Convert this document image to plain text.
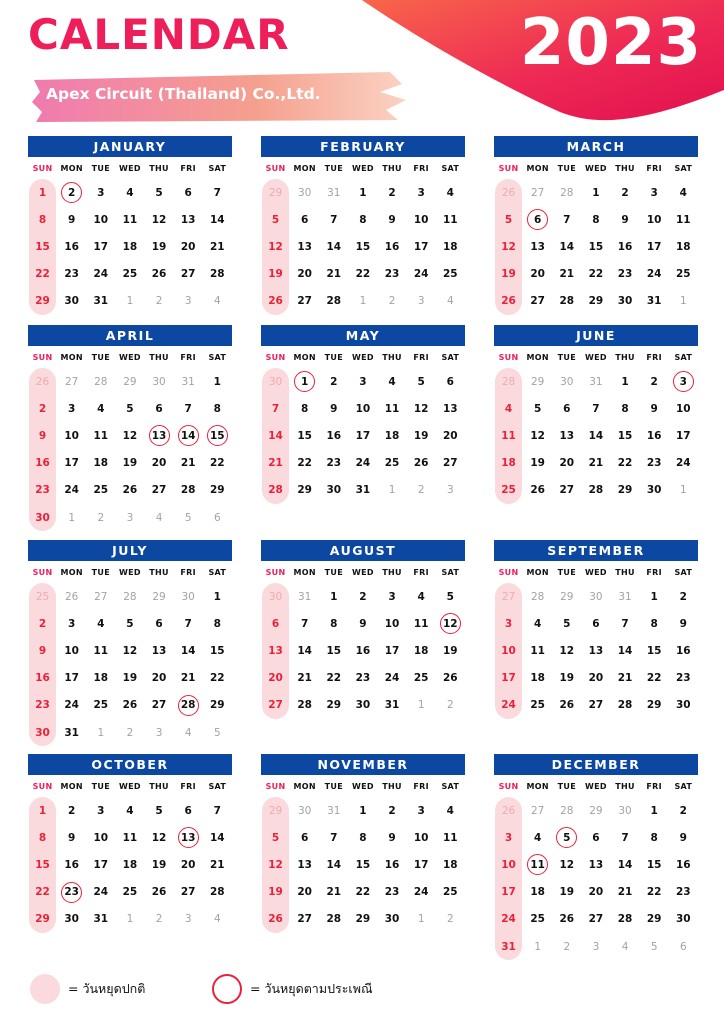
CALENDAR	2023
Apex Circuit (Thailand) Co.,Ltd.
JANUARY
SUN	MON	TUE	WED	THU	FRI	SAT
1	2	3 4 5 6 7
8 9 10 11 12 13 14
15 16 17 18 19 20 21
22 23 24 25 26 27 28
29 30 31 1 2 3 4
FEBRUARY
SUN	MON	TUE	WED	THU	FRI	SAT
29 30 31 1 2 3 4
5 6 7 8 9 10 11
12 13 14 15 16 17 18
19 20 21 22 23 24 25
26 27 28 1 2 3 4
MARCH
SUN	MON	TUE	WED	THU	FRI	SAT
26 27 28 1 2 3 4
5	6	7 8 9 10 11
12 13 14 15 16 17 18
19 20 21 22 23 24 25
26 27 28 29 30 31 1
APRIL
SUN	MON	TUE	WED	THU	FRI	SAT
26 27 28 29 30 31 1
2 3 4 5 6 7 8
9 10 11 12	13	14	15
16 17 18 19 20 21 22
23 24 25 26 27 28 29
30 1 2 3 4 5 6
MAY
SUN	MON	TUE	WED	THU	FRI	SAT
30	1	2 3 4 5 6
7 8 9 10 11 12 13
14 15 16 17 18 19 20
21 22 23 24 25 26 27
28 29 30 31 1 2 3
JUNE
SUN	MON	TUE	WED	THU	FRI	SAT
28 29 30 31 1 2	3
4 5 6 7 8 9 10
11 12 13 14 15 16 17
18 19 20 21 22 23 24
25 26 27 28 29 30 1
JULY
SUN	MON	TUE	WED	THU	FRI	SAT
25 26 27 28 29 30 1
2 3 4 5 6 7 8
9 10 11 12 13 14 15
16 17 18 19 20 21 22
23 24 25 26 27	28	29
30 31 1 2 3 4 5
AUGUST
SUN	MON	TUE	WED	THU	FRI	SAT
30 31 1 2 3 4 5
6 7 8 9 10 11	12
13 14 15 16 17 18 19
20 21 22 23 24 25 26
27 28 29 30 31 1 2
SEPTEMBER
SUN	MON	TUE	WED	THU	FRI	SAT
27 28 29 30 31 1 2
3 4 5 6 7 8 9
10 11 12 13 14 15 16
17 18 19 20 21 22 23
24 25 26 27 28 29 30
OCTOBER
SUN	MON	TUE	WED	THU	FRI	SAT
1 2 3 4 5 6 7
8 9 10 11 12	13	14
15 16 17 18 19 20 21
22	23	24 25 26 27 28
29 30 31 1 2 3 4
NOVEMBER
SUN	MON	TUE	WED	THU	FRI	SAT
29 30 31 1 2 3 4
5 6 7 8 9 10 11
12 13 14 15 16 17 18
19 20 21 22 23 24 25
26 27 28 29 30 1 2
DECEMBER
SUN	MON	TUE	WED	THU	FRI	SAT
26 27 28 29 30 1 2
3 4	5	6 7 8 9
10	11	12 13 14 15 16
17 18 19 20 21 22 23
24 25 26 27 28 29 30
31 1 2 3 4 5 6
= วันหยุดปกติ	= วันหยุดตามประเพณี
